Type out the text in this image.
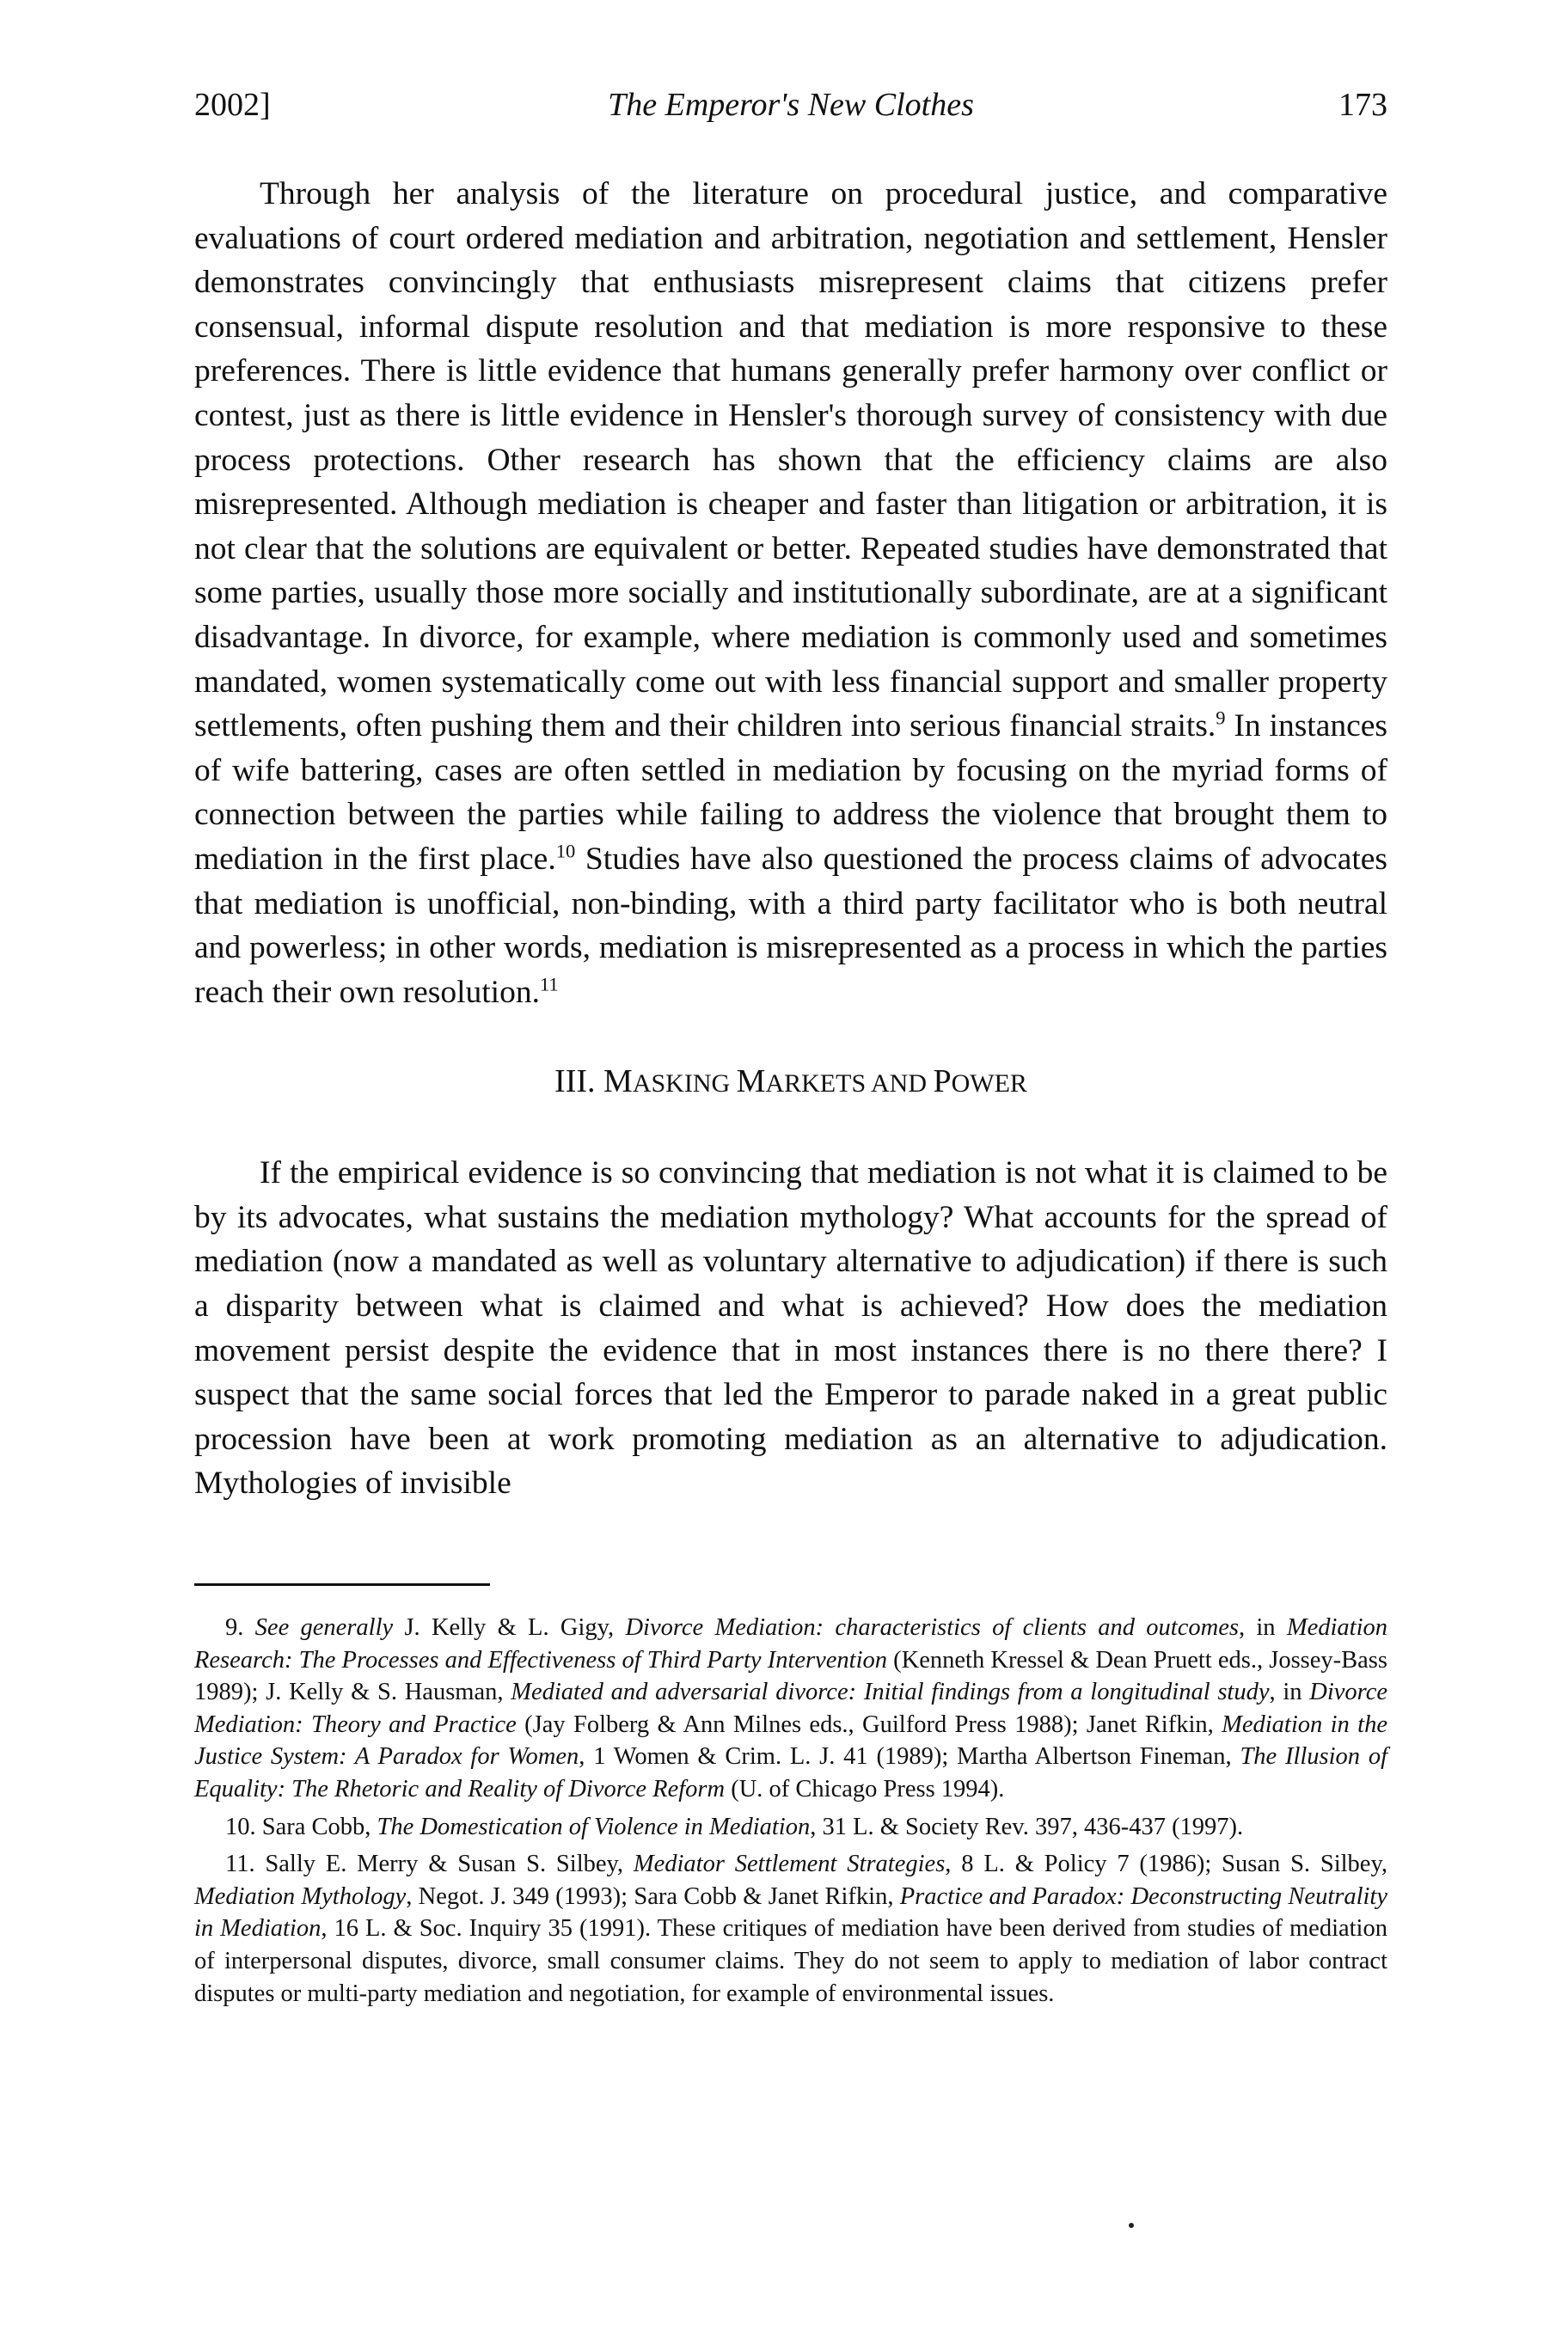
2002]	The Emperor's New Clothes	173

Through her analysis of the literature on procedural justice, and comparative evaluations of court ordered mediation and arbitration, negotiation and settlement, Hensler demonstrates convincingly that enthusiasts misrepresent claims that citizens prefer consensual, informal dispute resolution and that mediation is more responsive to these preferences. There is little evidence that humans generally prefer harmony over conflict or contest, just as there is little evidence in Hensler's thorough survey of consistency with due process protections. Other research has shown that the efficiency claims are also misrepresented. Although mediation is cheaper and faster than litigation or arbitration, it is not clear that the solutions are equivalent or better. Repeated studies have demonstrated that some parties, usually those more socially and institutionally subordinate, are at a significant disadvantage. In divorce, for example, where mediation is commonly used and sometimes mandated, women systematically come out with less financial support and smaller property settlements, often pushing them and their children into serious financial straits.$^9$ In instances of wife battering, cases are often settled in mediation by focusing on the myriad forms of connection between the parties while failing to address the violence that brought them to mediation in the first place.$^{10}$ Studies have also questioned the process claims of advocates that mediation is unofficial, non-binding, with a third party facilitator who is both neutral and powerless; in other words, mediation is misrepresented as a process in which the parties reach their own resolution.$^{11}$

III. MASKING MARKETS AND POWER

If the empirical evidence is so convincing that mediation is not what it is claimed to be by its advocates, what sustains the mediation mythology? What accounts for the spread of mediation (now a mandated as well as voluntary alternative to adjudication) if there is such a disparity between what is claimed and what is achieved? How does the mediation movement persist despite the evidence that in most instances there is no there there? I suspect that the same social forces that led the Emperor to parade naked in a great public procession have been at work promoting mediation as an alternative to adjudication. Mythologies of invisible

9. See generally J. Kelly & L. Gigy, Divorce Mediation: characteristics of clients and outcomes, in Mediation Research: The Processes and Effectiveness of Third Party Intervention (Kenneth Kressel & Dean Pruett eds., Jossey-Bass 1989); J. Kelly & S. Hausman, Mediated and adversarial divorce: Initial findings from a longitudinal study, in Divorce Mediation: Theory and Practice (Jay Folberg & Ann Milnes eds., Guilford Press 1988); Janet Rifkin, Mediation in the Justice System: A Paradox for Women, 1 Women & Crim. L. J. 41 (1989); Martha Albertson Fineman, The Illusion of Equality: The Rhetoric and Reality of Divorce Reform (U. of Chicago Press 1994).

10. Sara Cobb, The Domestication of Violence in Mediation, 31 L. & Society Rev. 397, 436-437 (1997).

11. Sally E. Merry & Susan S. Silbey, Mediator Settlement Strategies, 8 L. & Policy 7 (1986); Susan S. Silbey, Mediation Mythology, Negot. J. 349 (1993); Sara Cobb & Janet Rifkin, Practice and Paradox: Deconstructing Neutrality in Mediation, 16 L. & Soc. Inquiry 35 (1991). These critiques of mediation have been derived from studies of mediation of interpersonal disputes, divorce, small consumer claims. They do not seem to apply to mediation of labor contract disputes or multi-party mediation and negotiation, for example of environmental issues.
